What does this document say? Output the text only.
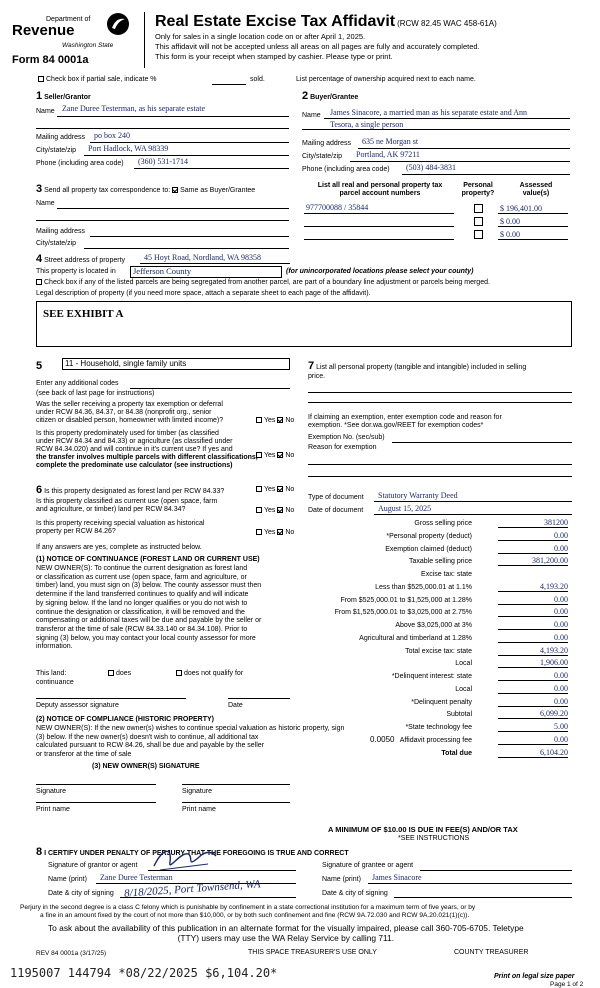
Department of
Revenue
Washington State
Form 84 0001a
Real Estate Excise Tax Affidavit (RCW 82.45 WAC 458-61A)
Only for sales in a single location code on or after April 1, 2025.
This affidavit will not be accepted unless all areas on all pages are fully and accurately completed.
This form is your receipt when stamped by cashier. Please type or print.
Check box if partial sale, indicate %	sold.	List percentage of ownership acquired next to each name.
1 Seller/Grantor
Name Zane Duree Testerman, as his separate estate
Mailing address po box 240
City/state/zip Port Hadlock, WA 98339
Phone (including area code) (360) 531-1714
2 Buyer/Grantee
Name James Sinacore, a married man as his separate estate and Ann
Tesora, a single person
Mailing address 635 ne Morgan st
City/state/zip Portland, AK 97211
Phone (including area code) (503) 484-3831
3 Send all property tax correspondence to: Same as Buyer/Grantee
Name
Mailing address
City/state/zip
List all real and personal property tax
parcel account numbers
Personal
property?
Assessed
value(s)
977700088 / 35844	$ 196,401.00
$ 0.00
$ 0.00
4 Street address of property 45 Hoyt Road, Nordland, WA 98358
This property is located in	Jefferson County	(for unincorporated locations please select your county)
Check box if any of the listed parcels are being segregated from another parcel, are part of a boundary line adjustment or parcels being merged.
Legal description of property (if you need more space, attach a separate sheet to each page of the affidavit).
SEE EXHIBIT A
5	11 - Household, single family units
Enter any additional codes
(see back of last page for instructions)
Was the seller receiving a property tax exemption or deferral
under RCW 84.36, 84.37, or 84.38 (nonprofit org., senior
citizen or disabled person, homeowner with limited income)?	Yes No
Is this property predominately used for timber (as classified
under RCW 84.34 and 84.33) or agriculture (as classified under
RCW 84.34.020) and will continue in it's current use? If yes and
the transfer involves multiple parcels with different classifications,
complete the predominate use calculator (see instructions)
Yes No
6 Is this property designated as forest land per RCW 84.33?	Yes No
Is this property classified as current use (open space, farm
and agriculture, or timber) land per RCW 84.34?	Yes No
Is this property receiving special valuation as historical
property per RCW 84.26?	Yes No
If any answers are yes, complete as instructed below.
(1) NOTICE OF CONTINUANCE (FOREST LAND OR CURRENT USE)
NEW OWNER(S): To continue the current designation as forest land
or classification as current use (open space, farm and agriculture, or
timber) land, you must sign on (3) below. The county assessor must then
determine if the land transferred continues to qualify and will indicate
by signing below. If the land no longer qualifies or you do not wish to
continue the designation or classification, it will be removed and the
compensating or additional taxes will be due and payable by the seller or
transferor at the time of sale (RCW 84.33.140 or 84.34.108). Prior to
signing (3) below, you may contact your local county assessor for more
information.
This land:
continuance
does	does not qualify for
Deputy assessor signature	Date
(2) NOTICE OF COMPLIANCE (HISTORIC PROPERTY)
NEW OWNER(S): If the new owner(s) wishes to continue special valuation as historic property, sign
(3) below. If the new owner(s) doesn't wish to continue, all additional tax
calculated pursuant to RCW 84.26, shall be due and payable by the seller
or transferor at the time of sale
(3) NEW OWNER(S) SIGNATURE
Signature	Signature
Print name	Print name
7 List all personal property (tangible and intangible) included in selling
price.
If claiming an exemption, enter exemption code and reason for
exemption. *See dor.wa.gov/REET for exemption codes*
Exemption No. (sec/sub)
Reason for exemption
Type of document Statutory Warranty Deed
Date of document August 15, 2025
Gross selling price	381200
*Personal property (deduct)	0.00
Exemption claimed (deduct)	0.00
Taxable selling price	381,200.00
Excise tax: state
Less than $525,000.01 at 1.1%	4,193.20
From $525,000.01 to $1,525,000 at 1.28%	0.00
From $1,525,000.01 to $3,025,000 at 2.75%	0.00
Above $3,025,000 at 3%	0.00
Agricultural and timberland at 1.28%	0.00
Total excise tax: state	4,193.20
Local	1,906.00
*Delinquent interest: state	0.00
Local	0.00
*Delinquent penalty	0.00
Subtotal	6,099.20
*State technology fee	5.00
Affidavit processing fee	0.00
Total due	6,104.20
0.0050
A MINIMUM OF $10.00 IS DUE IN FEE(S) AND/OR TAX
*SEE INSTRUCTIONS
8 I CERTIFY UNDER PENALTY OF PERJURY THAT THE FOREGOING IS TRUE AND CORRECT
Signature of grantor or agent
Name (print) Zane Duree Testerman
Date & city of signing 8/18/2025, Port Townsend, WA
Signature of grantee or agent
Name (print) James Sinacore
Date & city of signing
Perjury in the second degree is a class C felony which is punishable by confinement in a state correctional institution for a maximum term of five years, or by
a fine in an amount fixed by the court of not more than $10,000, or by both such confinement and fine (RCW 9A.72.030 and RCW 9A.20.021(1)(c)).
To ask about the availability of this publication in an alternate format for the visually impaired, please call 360-705-6705. Teletype
(TTY) users may use the WA Relay Service by calling 711.
REV 84 0001a (3/17/25)	THIS SPACE TREASURER'S USE ONLY	COUNTY TREASURER
1195007 144794 *08/22/2025 $6,104.20*	Print on legal size paper
Page 1 of 2
